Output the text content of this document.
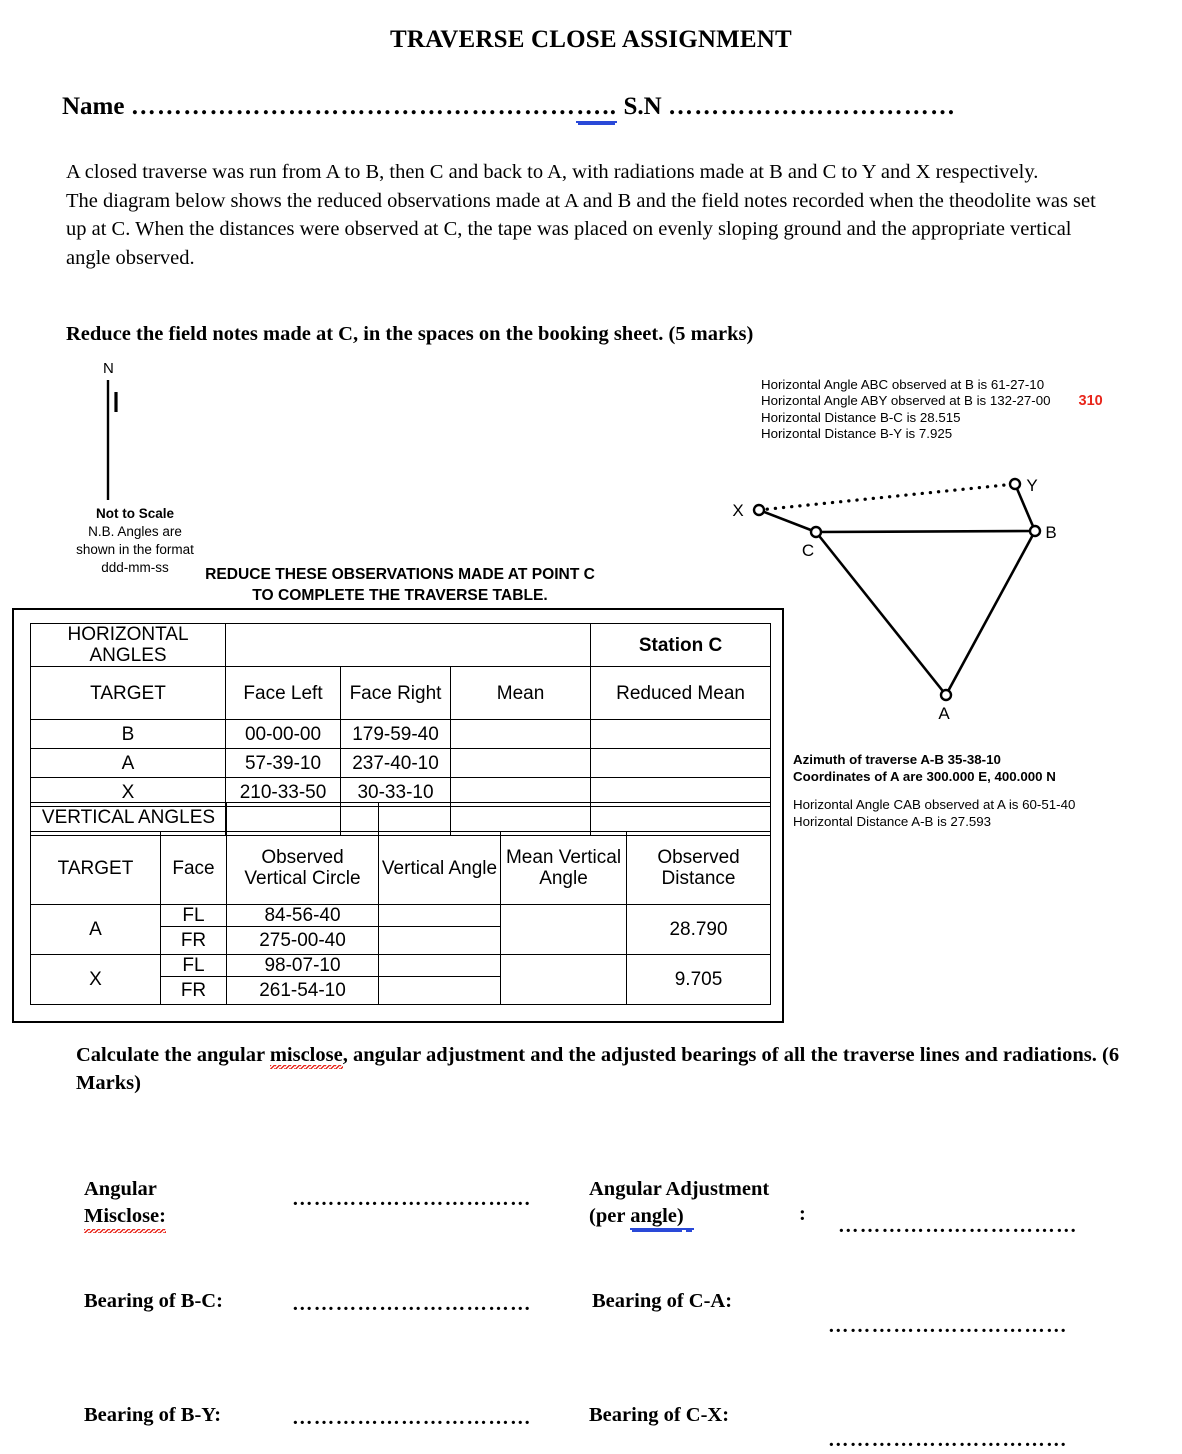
TRAVERSE CLOSE ASSIGNMENT
Name ……………………………………………….. S.N ……………………………
A closed traverse was run from A to B, then C and back to A, with radiations made at B and C to Y and X respectively.
The diagram below shows the reduced observations made at A and B and the field notes recorded when the theodolite was set up at C. When the distances were observed at C, the tape was placed on evenly sloping ground and the appropriate vertical angle observed.

Reduce the field notes made at C, in the spaces on the booking sheet. (5 marks)
N
Not to Scale
N.B. Angles are
shown in the format
ddd-mm-ss
Horizontal Angle ABC observed at B is 61-27-10
Horizontal Angle ABY observed at B is 132-27-00 310
Horizontal Distance B-C is 28.515
Horizontal Distance B-Y is 7.925
X
Y
B
C
A
Azimuth of traverse A-B 35-38-10
Coordinates of A are 300.000 E, 400.000 N
Horizontal Angle CAB observed at A is 60-51-40
Horizontal Distance A-B is 27.593
REDUCE THESE OBSERVATIONS MADE AT POINT C
TO COMPLETE THE TRAVERSE TABLE.
HORIZONTAL ANGLES				Station C
TARGET	Face Left	Face Right	Mean	Reduced Mean
B	00-00-00	179-59-40		
A	57-39-10	237-40-10		
X	210-33-50	30-33-10		

VERTICAL ANGLES					
TARGET	Face	Observed Vertical Circle	Vertical Angle	Mean Vertical Angle	Observed Distance
A	FL	84-56-40			28.790
	FR	275-00-40			
X	FL	98-07-10			9.705
	FR	261-54-10			
Calculate the angular misclose, angular adjustment and the adjusted bearings of all the traverse lines and radiations. (6 Marks)
Angular
Misclose:
……………………………	Angular Adjustment
(per angle)	:
……………………………
Bearing of B-C:	……………………………	Bearing of C-A:
……………………………
Bearing of B-Y:	……………………………	Bearing of C-X:
……………………………
